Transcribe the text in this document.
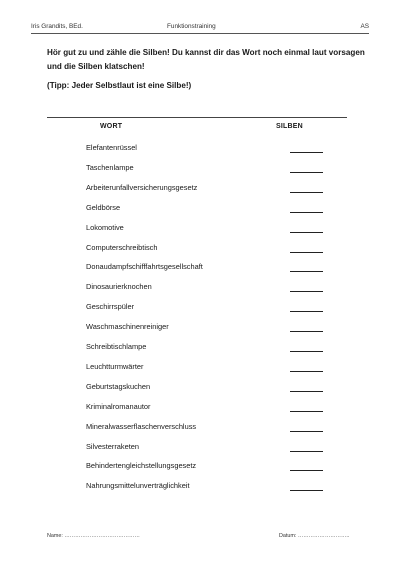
Iris Grandits, BEd.	Funktionstraining	AS
Hör gut zu und zähle die Silben! Du kannst dir das Wort noch einmal laut vorsagen und die Silben klatschen!
(Tipp: Jeder Selbstlaut ist eine Silbe!)
WORT	SILBEN
Elefantenrüssel
Taschenlampe
Arbeiterunfallversicherungsgesetz
Geldbörse
Lokomotive
Computerschreibtisch
Donaudampfschifffahrtsgesellschaft
Dinosaurierknochen
Geschirrspüler
Waschmaschinenreiniger
Schreibtischlampe
Leuchtturmwärter
Geburtstagskuchen
Kriminalromanautor
Mineralwasserflaschenverschluss
Silvesterraketen
Behindertengleichstellungsgesetz
Nahrungsmittelunverträglichkeit
Name: ……………………………………	Datum: ………………………..
